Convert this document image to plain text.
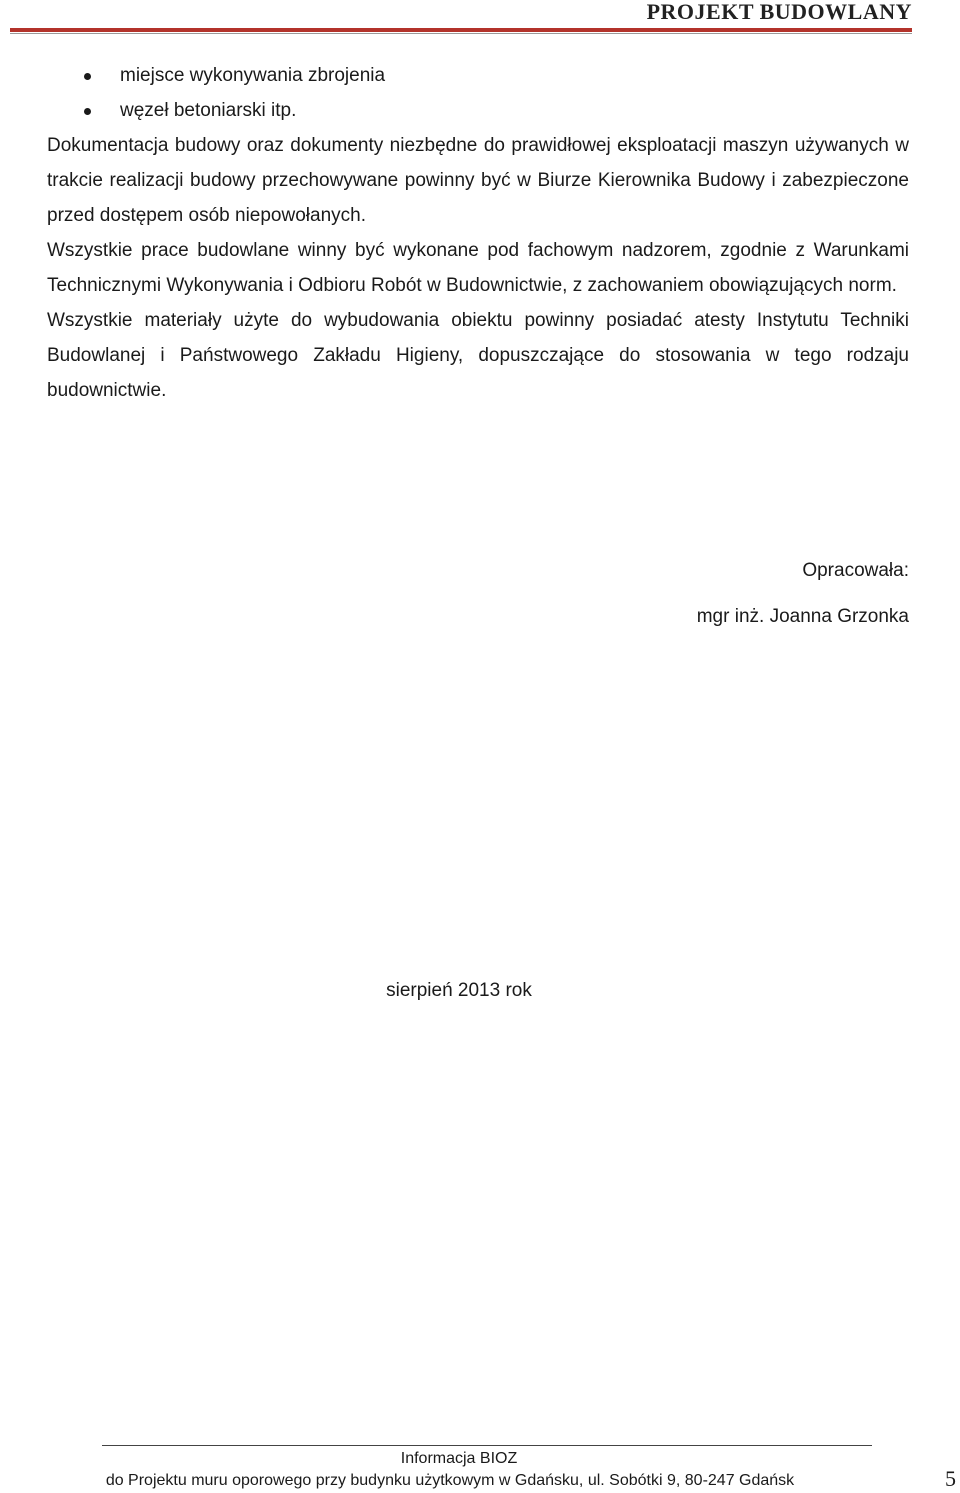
PROJEKT BUDOWLANY
miejsce wykonywania zbrojenia
węzeł betoniarski itp.

Dokumentacja budowy oraz dokumenty niezbędne do prawidłowej eksploatacji maszyn używanych w trakcie realizacji budowy przechowywane powinny być w Biurze Kierownika Budowy i zabezpieczone przed dostępem osób niepowołanych.

Wszystkie prace budowlane winny być wykonane pod fachowym nadzorem, zgodnie z Warunkami Technicznymi Wykonywania i Odbioru Robót w Budownictwie, z zachowaniem obowiązujących norm.

Wszystkie materiały użyte do wybudowania obiektu powinny posiadać atesty Instytutu Techniki Budowlanej i Państwowego Zakładu Higieny, dopuszczające do stosowania w tego rodzaju budownictwie.

Opracowała:
mgr inż. Joanna Grzonka
sierpień 2013 rok
Informacja BIOZ
do Projektu muru oporowego przy budynku użytkowym w Gdańsku, ul. Sobótki 9, 80-247 Gdańsk	5
